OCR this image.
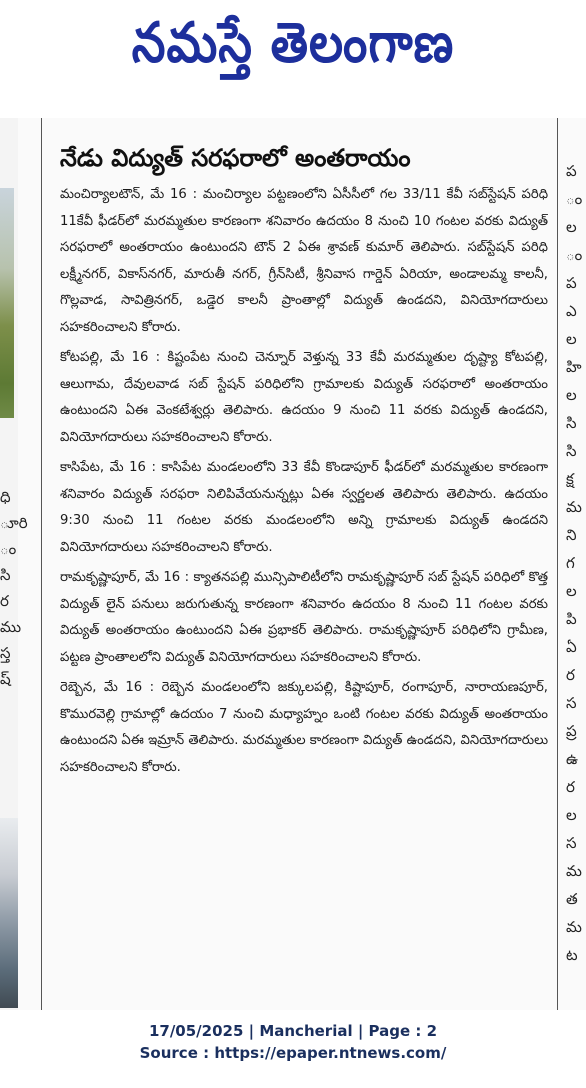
నమస్తే తెలంగాణ
ధి
ూరి
ం
సి
ర
ము
స్త
ష్
నేడు విద్యుత్ సరఫరాలో అంతరాయం

మంచిర్యాలటౌన్, మే 16 : మంచిర్యాల పట్టణంలోని ఏసీసీలో గల 33/11 కేవీ సబ్‌స్టేషన్ పరిధి 11కేవీ ఫీడర్‌లో మరమ్మతుల కారణంగా శనివారం ఉదయం 8 నుంచి 10 గంటల వరకు విద్యుత్ సరఫరాలో అంతరాయం ఉంటుందని టౌన్ 2 ఏఈ శ్రావణ్ కుమార్ తెలిపారు. సబ్‌స్టేషన్ పరిధి లక్ష్మీనగర్, వికాస్‌నగర్, మారుతీ నగర్, గ్రీన్‌సిటీ, శ్రీనివాస గార్డెన్ ఏరియా, అండాలమ్మ కాలనీ, గొల్లవాడ, సావిత్రినగర్, ఒడ్డెర కాలనీ ప్రాంతాల్లో విద్యుత్ ఉండదని, వినియోగదారులు సహకరించాలని కోరారు.

కోటపల్లి, మే 16 : కిష్టంపేట నుంచి చెన్నూర్ వెళ్తున్న 33 కేవీ మరమ్మతుల దృష్ట్యా కోటపల్లి, ఆలుగామ, దేవులవాడ సబ్ స్టేషన్ పరిధిలోని గ్రామాలకు విద్యుత్ సరఫరాలో అంతరాయం ఉంటుందని ఏఈ వెంకటేశ్వర్లు తెలిపారు. ఉదయం 9 నుంచి 11 వరకు విద్యుత్ ఉండదని, వినియోగదారులు సహకరించాలని కోరారు.

కాసిపేట, మే 16 : కాసిపేట మండలంలోని 33 కేవీ కొండాపూర్ ఫీడర్‌లో మరమ్మతుల కారణంగా శనివారం విద్యుత్ సరఫరా నిలిపివేయనున్నట్లు ఏఈ స్వర్ణలత తెలిపారు తెలిపారు. ఉదయం 9:30 నుంచి 11 గంటల వరకు మండలంలోని అన్ని గ్రామాలకు విద్యుత్ ఉండదని వినియోగదారులు సహకరించాలని కోరారు.

రామకృష్ణాపూర్, మే 16 : క్యాతనపల్లి మున్సిపాలిటీలోని రామకృష్ణాపూర్ సబ్ స్టేషన్ పరిధిలో కొత్త విద్యుత్ లైన్ పనులు జరుగుతున్న కారణంగా శనివారం ఉదయం 8 నుంచి 11 గంటల వరకు విద్యుత్ అంతరాయం ఉంటుందని ఏఈ ప్రభాకర్ తెలిపారు. రామకృష్ణాపూర్ పరిధిలోని గ్రామీణ, పట్టణ ప్రాంతాలలోని విద్యుత్ వినియోగదారులు సహకరించాలని కోరారు.

రెబ్బెన, మే 16 : రెబ్బెన మండలంలోని జక్కులపల్లి, కిష్టాపూర్, రంగాపూర్, నారాయణపూర్, కొమురవెల్లి గ్రామాల్లో ఉదయం 7 నుంచి మధ్యాహ్నం ఒంటి గంటల వరకు విద్యుత్ అంతరాయం ఉంటుందని ఏఈ ఇమ్రాన్ తెలిపారు. మరమ్మతుల కారణంగా విద్యుత్ ఉండదని, వినియోగదారులు సహకరించాలని కోరారు.

ప
ం
ల
ం
ప
ఎ
ల
హి
ల
సి
సి
క్ష
మ
ని
గ
ల
పి
ఏ
ర
స
ప్ర
ఉ
ర
ల
స
మ
త
మ
ట
17/05/2025 | Mancherial | Page : 2
Source : https://epaper.ntnews.com/
